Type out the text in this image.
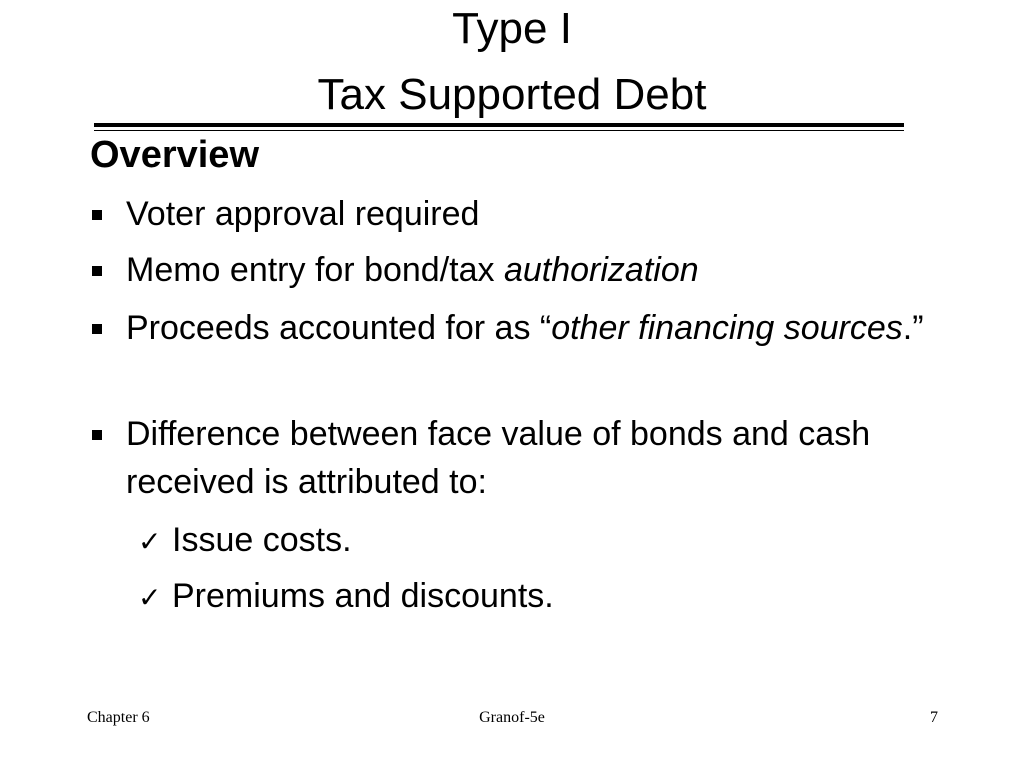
Type I
Tax Supported Debt
Overview
Voter approval required
Memo entry for bond/tax authorization
Proceeds accounted for as “other financing sources.”
Difference between face value of bonds and cash received is attributed to:
✓ Issue costs.
✓ Premiums and discounts.
Chapter 6	Granof-5e	7
